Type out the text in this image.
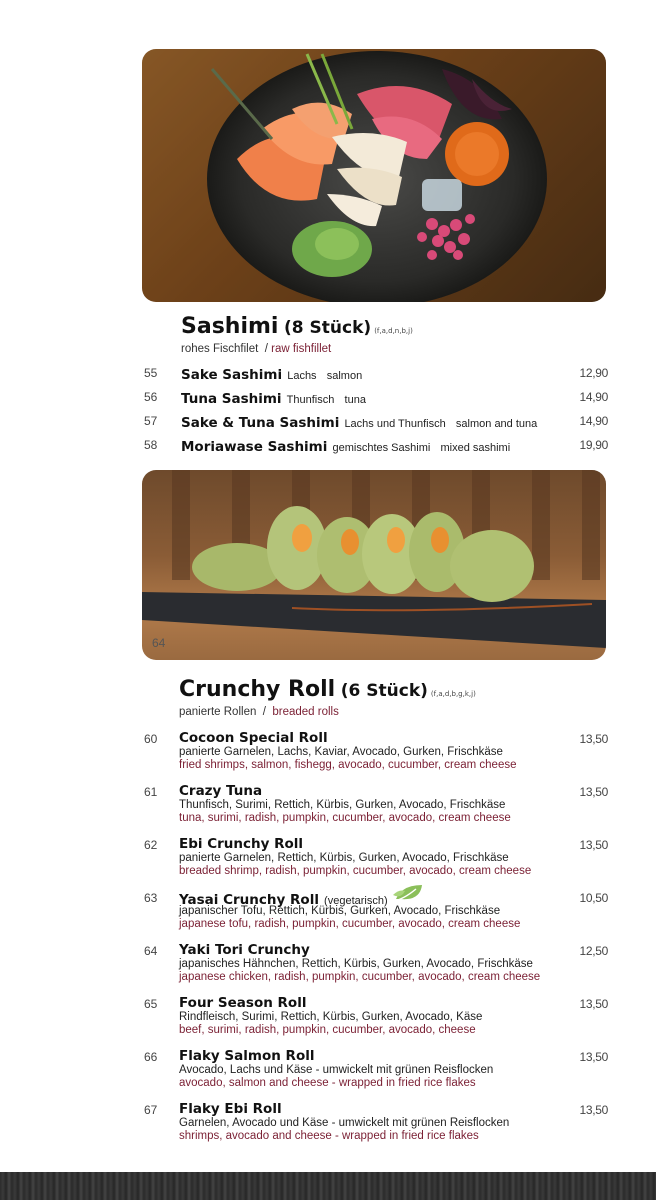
Sashimi (8 Stück) (f,a,d,n,b,j)
rohes Fischfilet / raw fishfillet
55 Sake Sashimi Lachs salmon	12,90
56 Tuna Sashimi Thunfisch tuna	14,90
57 Sake & Tuna Sashimi Lachs und Thunfisch salmon and tuna	14,90
58 Moriawase Sashimi gemischtes Sashimi mixed sashimi	19,90
64
Crunchy Roll (6 Stück) (f,a,d,b,g,k,j)
panierte Rollen / breaded rolls
60 Cocoon Special Roll
panierte Garnelen, Lachs, Kaviar, Avocado, Gurken, Frischkäse
fried shrimps, salmon, fishegg, avocado, cucumber, cream cheese
13,50
61 Crazy Tuna
Thunfisch, Surimi, Rettich, Kürbis, Gurken, Avocado, Frischkäse
tuna, surimi, radish, pumpkin, cucumber, avocado, cream cheese
13,50
62 Ebi Crunchy Roll
panierte Garnelen, Rettich, Kürbis, Gurken, Avocado, Frischkäse
breaded shrimp, radish, pumpkin, cucumber, avocado, cream cheese
13,50
63 Yasai Crunchy Roll (vegetarisch)
japanischer Tofu, Rettich, Kürbis, Gurken, Avocado, Frischkäse
japanese tofu, radish, pumpkin, cucumber, avocado, cream cheese
10,50
64 Yaki Tori Crunchy
japanisches Hähnchen, Rettich, Kürbis, Gurken, Avocado, Frischkäse
japanese chicken, radish, pumpkin, cucumber, avocado, cream cheese
12,50
65 Four Season Roll
Rindfleisch, Surimi, Rettich, Kürbis, Gurken, Avocado, Käse
beef, surimi, radish, pumpkin, cucumber, avocado, cheese
13,50
66 Flaky Salmon Roll
Avocado, Lachs und Käse - umwickelt mit grünen Reisflocken
avocado, salmon and cheese - wrapped in fried rice flakes
13,50
67 Flaky Ebi Roll
Garnelen, Avocado und Käse - umwickelt mit grünen Reisflocken
shrimps, avocado and cheese - wrapped in fried rice flakes
13,50
